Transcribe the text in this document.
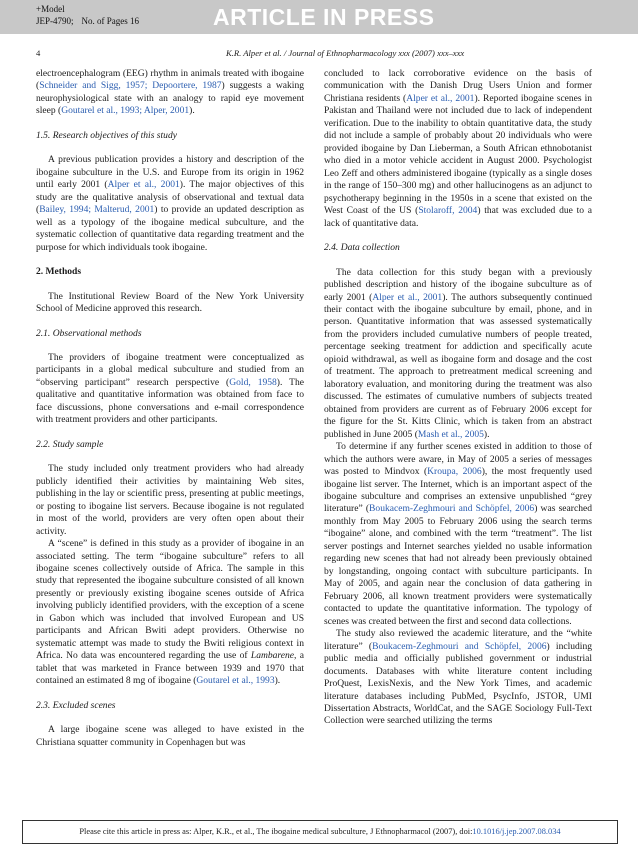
+Model
JEP-4790; No. of Pages 16	ARTICLE IN PRESS
4	K.R. Alper et al. / Journal of Ethnopharmacology xxx (2007) xxx–xxx

electroencephalogram (EEG) rhythm in animals treated with ibogaine (Schneider and Sigg, 1957; Depoortere, 1987) suggests a waking neurophysiological state with an analogy to rapid eye movement sleep (Goutarel et al., 1993; Alper, 2001).

1.5. Research objectives of this study

A previous publication provides a history and description of the ibogaine subculture in the U.S. and Europe from its origin in 1962 until early 2001 (Alper et al., 2001). The major objectives of this study are the qualitative analysis of observational and textual data (Bailey, 1994; Malterud, 2001) to provide an updated description as well as a typology of the ibogaine medical subculture, and the systematic collection of quantitative data regarding treatment and the purpose for which individuals took ibogaine.

2. Methods

The Institutional Review Board of the New York University School of Medicine approved this research.

2.1. Observational methods

The providers of ibogaine treatment were conceptualized as participants in a global medical subculture and studied from an “observing participant” research perspective (Gold, 1958). The qualitative and quantitative information was obtained from face to face discussions, phone conversations and e-mail correspondence with treatment providers and other participants.

2.2. Study sample

The study included only treatment providers who had already publicly identified their activities by maintaining Web sites, publishing in the lay or scientific press, presenting at public meetings, or posting to ibogaine list servers. Because ibogaine is not regulated in most of the world, providers are very often open about their activity.

A “scene” is defined in this study as a provider of ibogaine in an associated setting. The term “ibogaine subculture” refers to all ibogaine scenes collectively outside of Africa. The sample in this study that represented the ibogaine subculture consisted of all known presently or previously existing ibogaine scenes outside of Africa involving publicly identified providers, with the exception of a scene in Gabon which was included that involved European and US participants and African Bwiti adept providers. Otherwise no systematic attempt was made to study the Bwiti religious context in Africa. No data was encountered regarding the use of Lambarene, a tablet that was marketed in France between 1939 and 1970 that contained an estimated 8 mg of ibogaine (Goutarel et al., 1993).

2.3. Excluded scenes

A large ibogaine scene was alleged to have existed in the Christiana squatter community in Copenhagen but was

concluded to lack corroborative evidence on the basis of communication with the Danish Drug Users Union and former Christiana residents (Alper et al., 2001). Reported ibogaine scenes in Pakistan and Thailand were not included due to lack of independent verification. Due to the inability to obtain quantitative data, the study did not include a sample of probably about 20 individuals who were provided ibogaine by Dan Lieberman, a South African ethnobotanist who died in a motor vehicle accident in August 2000. Psychologist Leo Zeff and others administered ibogaine (typically as a single doses in the range of 150–300 mg) and other hallucinogens as an adjunct to psychotherapy beginning in the 1950s in a scene that existed on the West Coast of the US (Stolaroff, 2004) that was excluded due to a lack of quantitative data.

2.4. Data collection

The data collection for this study began with a previously published description and history of the ibogaine subculture as of early 2001 (Alper et al., 2001). The authors subsequently continued their contact with the ibogaine subculture by email, phone, and in person. Quantitative information that was assessed systematically from the providers included cumulative numbers of people treated, percentage seeking treatment for addiction and specifically acute opioid withdrawal, as well as ibogaine form and dosage and the cost of treatment. The approach to pretreatment medical screening and laboratory evaluation, and monitoring during the treatment was also discussed. The estimates of cumulative numbers of subjects treated obtained from providers are current as of February 2006 except for the figure for the St. Kitts Clinic, which is taken from an abstract published in June 2005 (Mash et al., 2005).

To determine if any further scenes existed in addition to those of which the authors were aware, in May of 2005 a series of messages was posted to Mindvox (Kroupa, 2006), the most frequently used ibogaine list server. The Internet, which is an important aspect of the ibogaine subculture and comprises an extensive unpublished “grey literature” (Boukacem-Zeghmouri and Schöpfel, 2006) was searched monthly from May 2005 to February 2006 using the search terms “ibogaine” alone, and combined with the term “treatment”. The list server postings and Internet searches yielded no usable information regarding new scenes that had not already been previously obtained by longstanding, ongoing contact with subculture participants. In May of 2005, and again near the conclusion of data gathering in February 2006, all known treatment providers were systematically contacted to update the quantitative information. The typology of scenes was created between the first and second data collections.

The study also reviewed the academic literature, and the “white literature” (Boukacem-Zeghmouri and Schöpfel, 2006) including public media and officially published government or industrial documents. Databases with white literature content including ProQuest, LexisNexis, and the New York Times, and academic literature databases including PubMed, PsycInfo, JSTOR, UMI Dissertation Abstracts, WorldCat, and the SAGE Sociology Full-Text Collection were searched utilizing the terms

Please cite this article in press as: Alper, K.R., et al., The ibogaine medical subculture, J Ethnopharmacol (2007), doi:10.1016/j.jep.2007.08.034
